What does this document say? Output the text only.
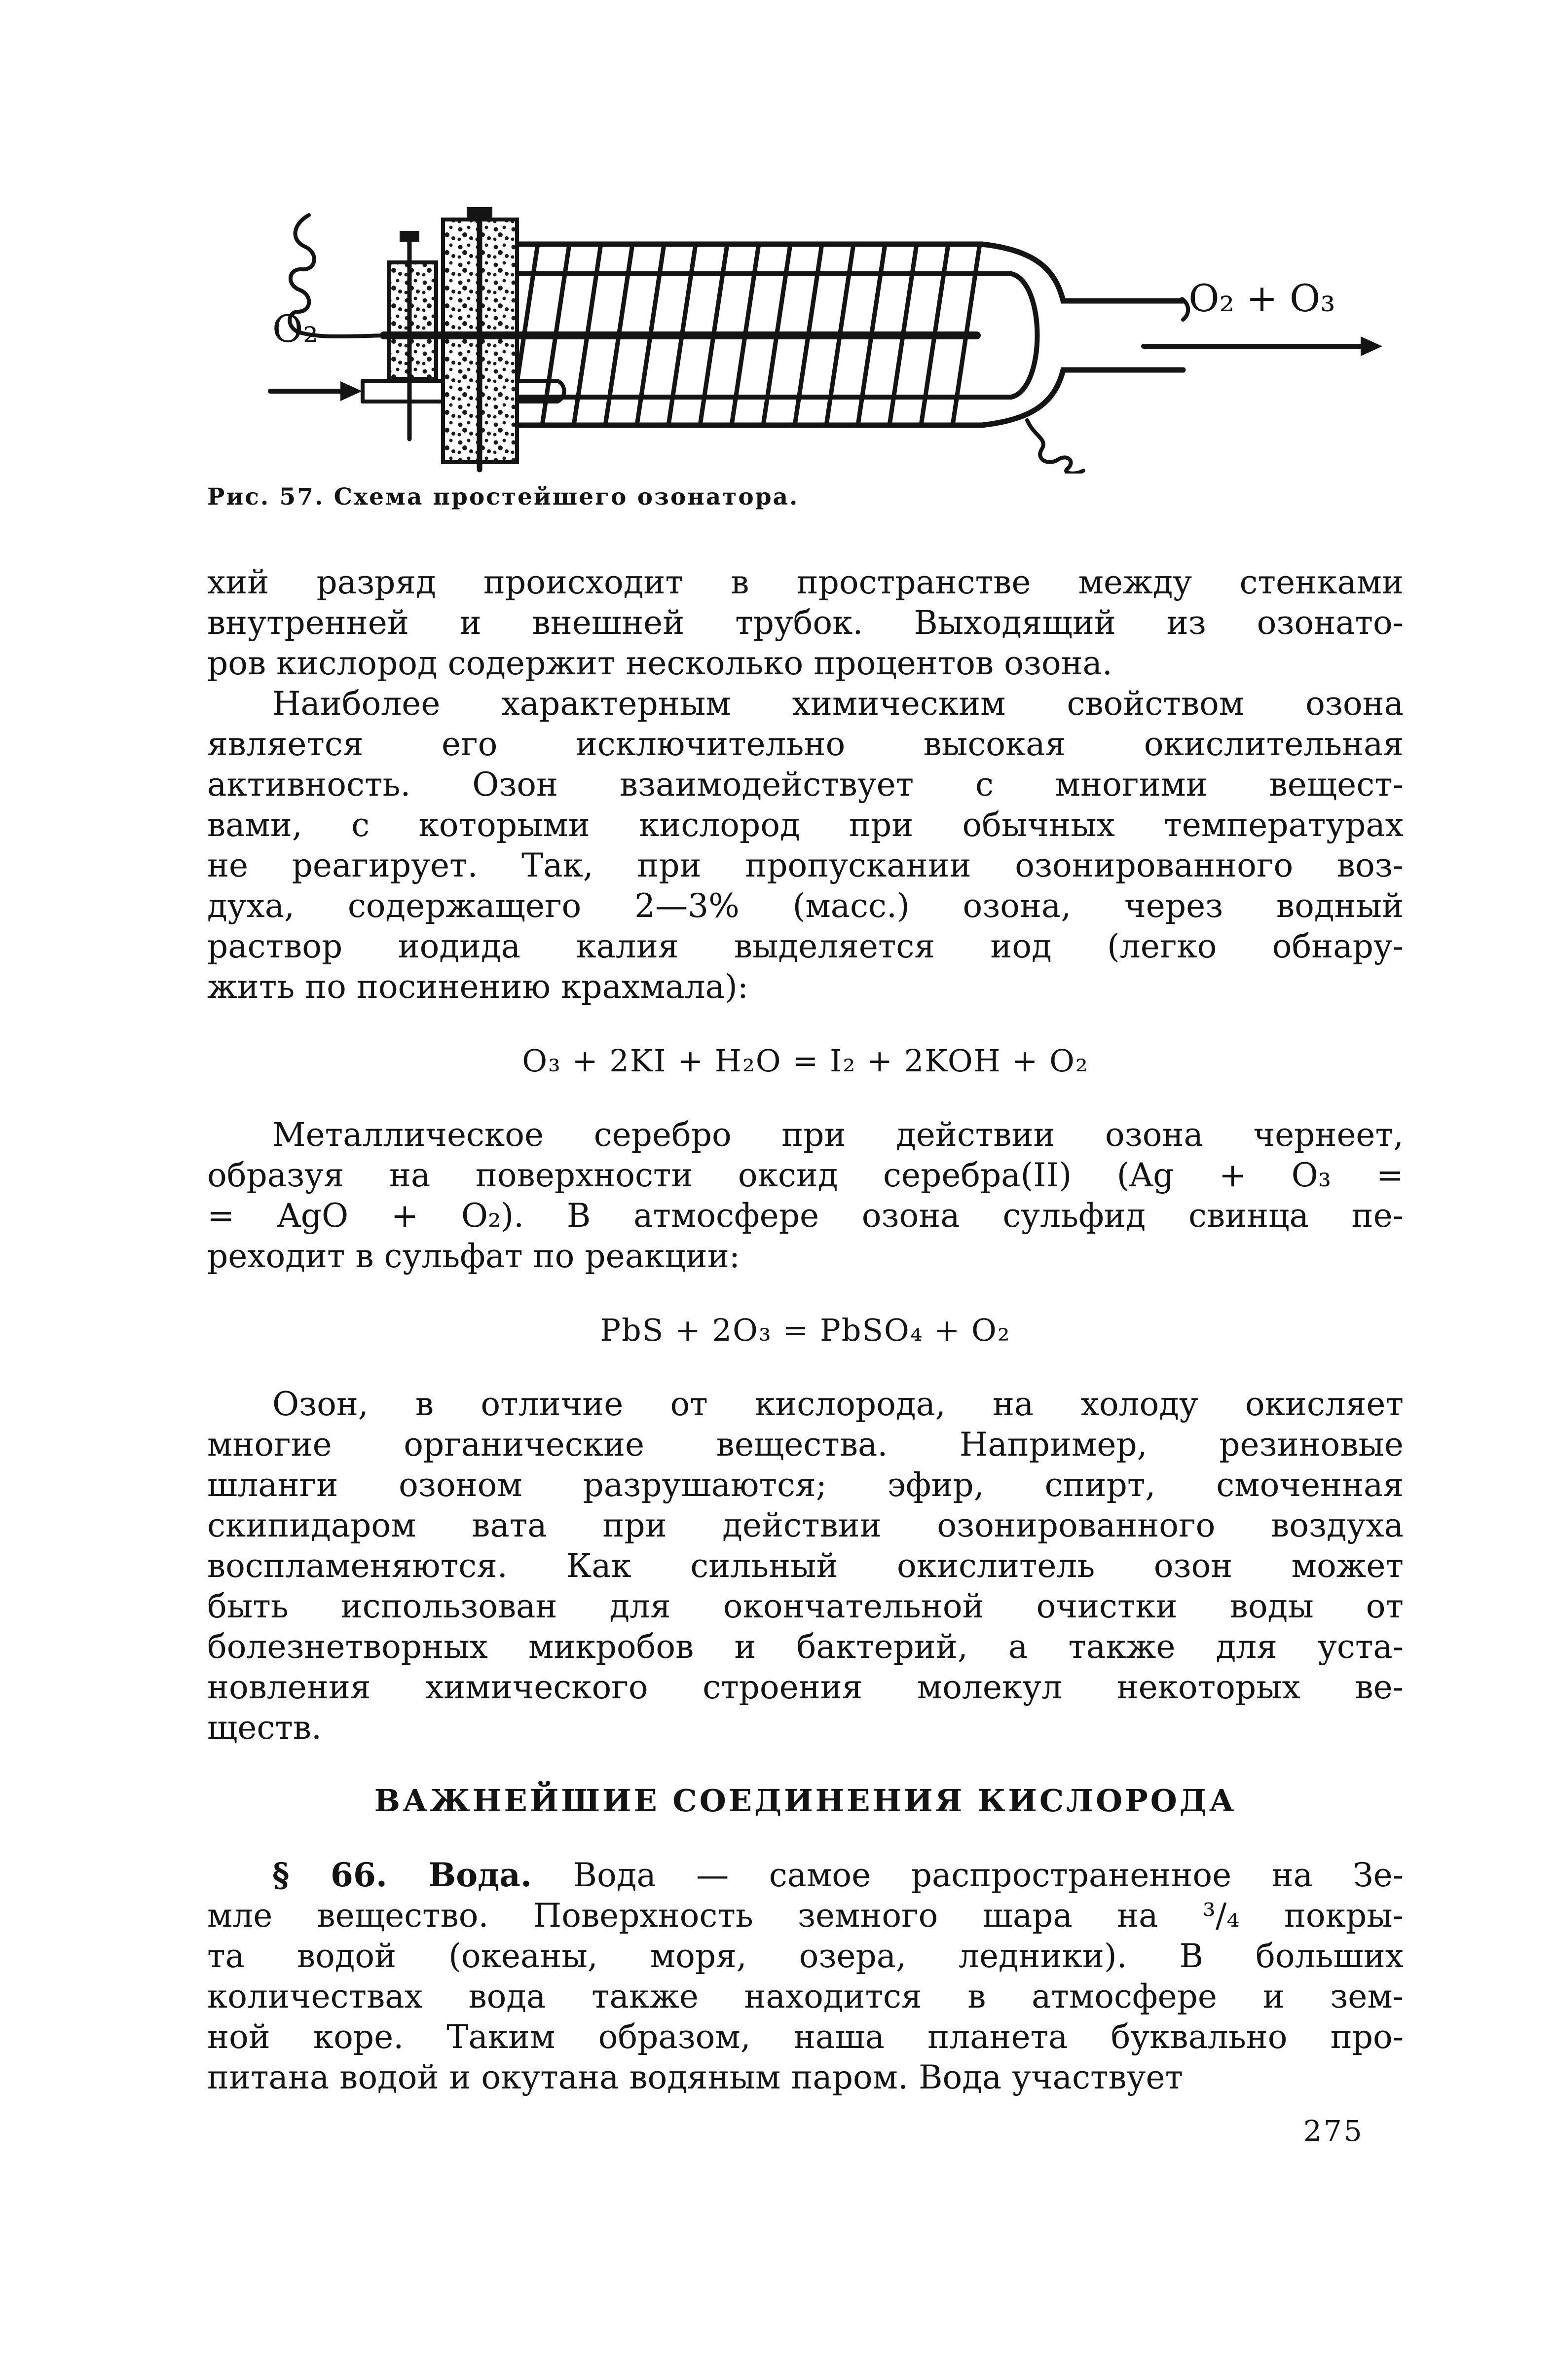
O₂
O₂ + O₃
Рис. 57. Схема простейшего озонатора.
хий разряд происходит в пространстве между стенками
внутренней и внешней трубок. Выходящий из озонато-
ров кислород содержит несколько процентов озона.
Наиболее характерным химическим свойством озона
является его исключительно высокая окислительная
активность. Озон взаимодействует с многими вещест-
вами, с которыми кислород при обычных температурах
не реагирует. Так, при пропускании озонированного воз-
духа, содержащего 2—3% (масс.) озона, через водный
раствор иодида калия выделяется иод (легко обнару-
жить по посинению крахмала):
O₃ + 2KI + H₂O = I₂ + 2KOH + O₂
Металлическое серебро при действии озона чернеет,
образуя на поверхности оксид серебра(II) (Ag + O₃ =
= AgO + O₂). В атмосфере озона сульфид свинца пе-
реходит в сульфат по реакции:
PbS + 2O₃ = PbSO₄ + O₂
Озон, в отличие от кислорода, на холоду окисляет
многие органические вещества. Например, резиновые
шланги озоном разрушаются; эфир, спирт, смоченная
скипидаром вата при действии озонированного воздуха
воспламеняются. Как сильный окислитель озон может
быть использован для окончательной очистки воды от
болезнетворных микробов и бактерий, а также для уста-
новления химического строения молекул некоторых ве-
ществ.
ВАЖНЕЙШИЕ СОЕДИНЕНИЯ КИСЛОРОДА
§ 66. Вода. Вода — самое распространенное на Зе-
мле вещество. Поверхность земного шара на ³/₄ покры-
та водой (океаны, моря, озера, ледники). В больших
количествах вода также находится в атмосфере и зем-
ной коре. Таким образом, наша планета буквально про-
питана водой и окутана водяным паром. Вода участвует
275
